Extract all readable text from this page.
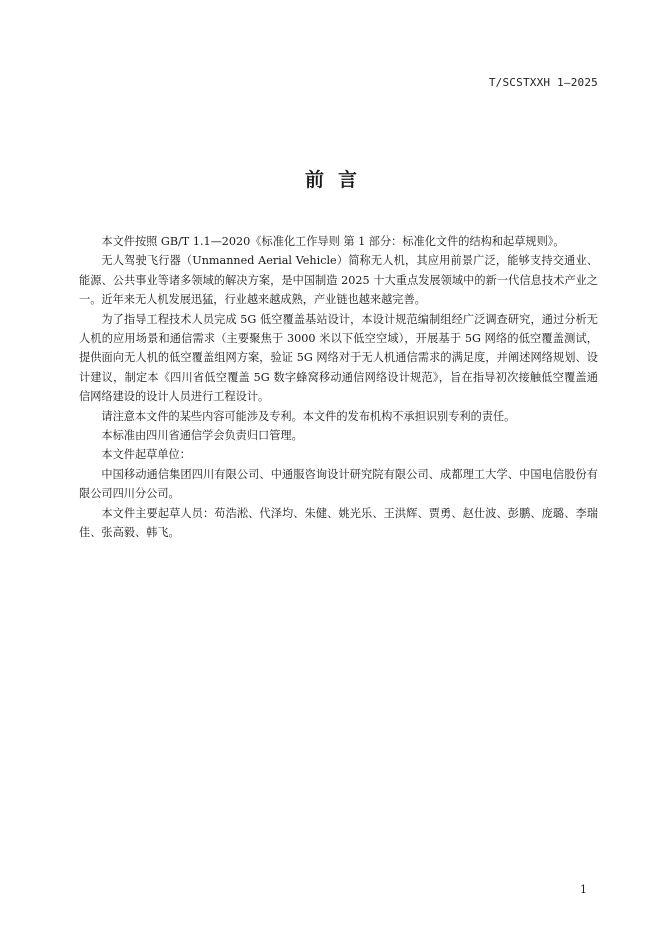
T/SCSTXXH 1—2025
前言

本文件按照 GB/T 1.1—2020《标准化工作导则 第 1 部分：标准化文件的结构和起草规则》。

无人驾驶飞行器（Unmanned Aerial Vehicle）简称无人机，其应用前景广泛，能够支持交通业、能源、公共事业等诸多领域的解决方案，是中国制造 2025 十大重点发展领域中的新一代信息技术产业之一。近年来无人机发展迅猛，行业越来越成熟，产业链也越来越完善。

为了指导工程技术人员完成 5G 低空覆盖基站设计，本设计规范编制组经广泛调查研究，通过分析无人机的应用场景和通信需求（主要聚焦于 3000 米以下低空空域），开展基于 5G 网络的低空覆盖测试，提供面向无人机的低空覆盖组网方案，验证 5G 网络对于无人机通信需求的满足度，并阐述网络规划、设计建议，制定本《四川省低空覆盖 5G 数字蜂窝移动通信网络设计规范》，旨在指导初次接触低空覆盖通信网络建设的设计人员进行工程设计。

请注意本文件的某些内容可能涉及专利。本文件的发布机构不承担识别专利的责任。

本标准由四川省通信学会负责归口管理。

本文件起草单位：

中国移动通信集团四川有限公司、中通服咨询设计研究院有限公司、成都理工大学、中国电信股份有限公司四川分公司。

本文件主要起草人员：苟浩淞、代泽均、朱健、姚光乐、王洪辉、贾勇、赵仕波、彭鹏、庞璐、李瑞佳、张高毅、韩飞。

1
